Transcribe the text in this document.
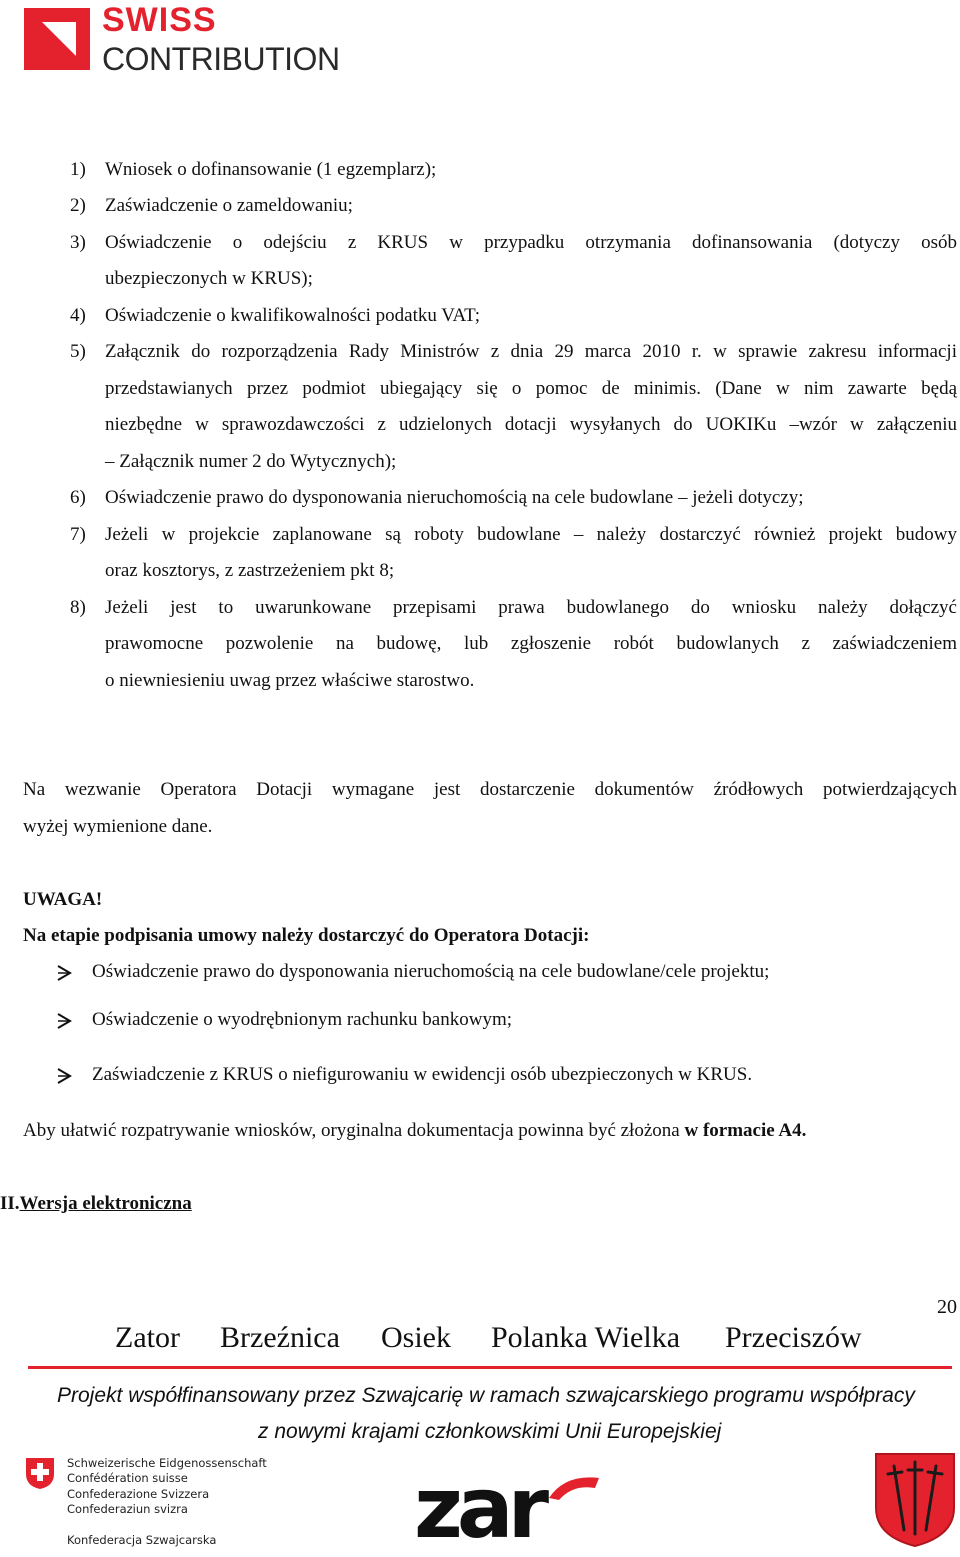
SWISS
CONTRIBUTION
1) Wniosek o dofinansowanie (1 egzemplarz);
2) Zaświadczenie o zameldowaniu;
3) Oświadczenie o odejściu z KRUS w przypadku otrzymania dofinansowania (dotyczy osób
ubezpieczonych w KRUS);
4) Oświadczenie o kwalifikowalności podatku VAT;
5) Załącznik do rozporządzenia Rady Ministrów z dnia 29 marca 2010 r. w sprawie zakresu informacji
przedstawianych przez podmiot ubiegający się o pomoc de minimis. (Dane w nim zawarte będą
niezbędne w sprawozdawczości z udzielonych dotacji wysyłanych do UOKIKu –wzór w załączeniu
– Załącznik numer 2 do Wytycznych);
6) Oświadczenie prawo do dysponowania nieruchomością na cele budowlane – jeżeli dotyczy;
7) Jeżeli w projekcie zaplanowane są roboty budowlane – należy dostarczyć również projekt budowy
oraz kosztorys, z zastrzeżeniem pkt 8;
8) Jeżeli jest to uwarunkowane przepisami prawa budowlanego do wniosku należy dołączyć
prawomocne pozwolenie na budowę, lub zgłoszenie robót budowlanych z zaświadczeniem
o niewniesieniu uwag przez właściwe starostwo.
Na wezwanie Operatora Dotacji wymagane jest dostarczenie dokumentów źródłowych potwierdzających
wyżej wymienione dane.
UWAGA!
Na etapie podpisania umowy należy dostarczyć do Operatora Dotacji:
Oświadczenie prawo do dysponowania nieruchomością na cele budowlane/cele projektu;
Oświadczenie o wyodrębnionym rachunku bankowym;
Zaświadczenie z KRUS o niefigurowaniu w ewidencji osób ubezpieczonych w KRUS.
Aby ułatwić rozpatrywanie wniosków, oryginalna dokumentacja powinna być złożona w formacie A4.
II.Wersja elektroniczna
20
Zator Brzeźnica Osiek Polanka Wielka Przeciszów
Projekt współfinansowany przez Szwajcarię w ramach szwajcarskiego programu współpracy
z nowymi krajami członkowskimi Unii Europejskiej
Schweizerische Eidgenossenschaft
Confédération suisse
Confederazione Svizzera
Confederaziun svizra
Konfederacja Szwajcarska zar
